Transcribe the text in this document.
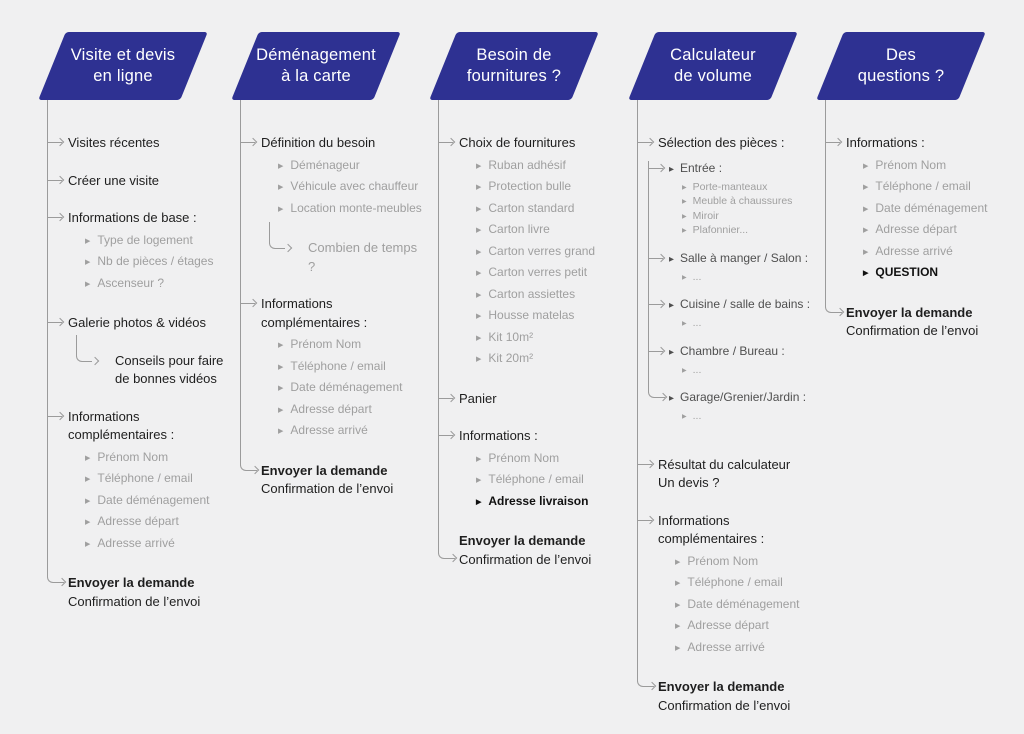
Visite et devis
en ligne
Visites récentes
Créer une visite
Informations de base :
▶ Type de logement
▶ Nb de pièces / étages
▶ Ascenseur ?
Galerie photos & vidéos
Conseils pour faire
de bonnes vidéos
Informations
complémentaires :
▶ Prénom Nom
▶ Téléphone / email
▶ Date déménagement
▶ Adresse départ
▶ Adresse arrivé
Envoyer la demande
Confirmation de l’envoi
Déménagement
à la carte
Définition du besoin
▶ Déménageur
▶ Véhicule avec chauffeur
▶ Location monte-meubles
Combien de temps ?
Informations
complémentaires :
▶ Prénom Nom
▶ Téléphone / email
▶ Date déménagement
▶ Adresse départ
▶ Adresse arrivé
Envoyer la demande
Confirmation de l’envoi
Besoin de
fournitures ?
Choix de fournitures
▶ Ruban adhésif
▶ Protection bulle
▶ Carton standard
▶ Carton livre
▶ Carton verres grand
▶ Carton verres petit
▶ Carton assiettes
▶ Housse matelas
▶ Kit 10m²
▶ Kit 20m²
Panier
Informations :
▶ Prénom Nom
▶ Téléphone / email
▶ Adresse livraison
Envoyer la demande
Confirmation de l’envoi
Calculateur
de volume
Sélection des pièces :
▶ Entrée :
▶ Porte-manteaux
▶ Meuble à chaussures
▶ Miroir
▶ Plafonnier...
▶ Salle à manger / Salon :
▶ ...
▶ Cuisine / salle de bains :
▶ ...
▶ Chambre / Bureau :
▶ ...
▶ Garage/Grenier/Jardin :
▶ ...
Résultat du calculateur
Un devis ?
Informations
complémentaires :
▶ Prénom Nom
▶ Téléphone / email
▶ Date déménagement
▶ Adresse départ
▶ Adresse arrivé
Envoyer la demande
Confirmation de l’envoi
Des
questions ?
Informations :
▶ Prénom Nom
▶ Téléphone / email
▶ Date déménagement
▶ Adresse départ
▶ Adresse arrivé
▶ QUESTION
Envoyer la demande
Confirmation de l’envoi
